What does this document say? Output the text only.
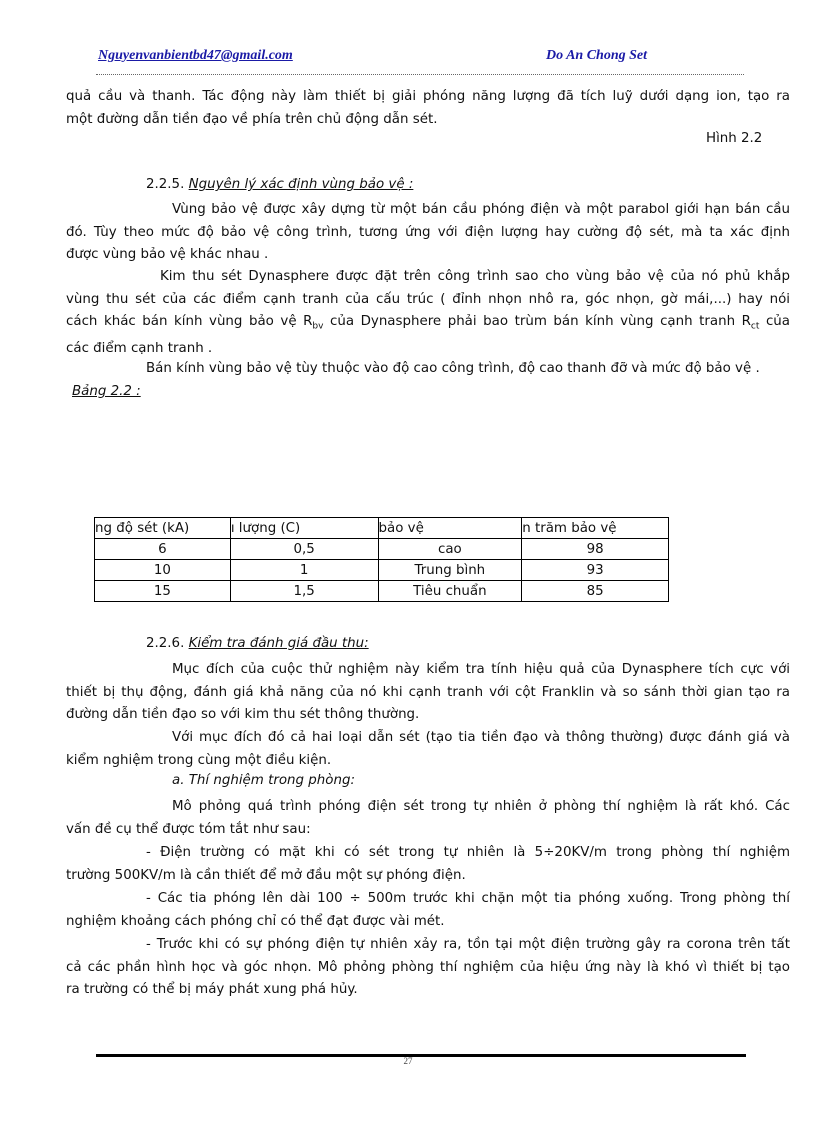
Nguyenvanbientbd47@gmail.com	Do An Chong Set
quả cầu và thanh. Tác động này làm thiết bị giải phóng năng lượng đã tích luỹ dưới dạng ion, tạo ra
một đường dẫn tiền đạo về phía trên chủ động dẫn sét.
Hình 2.2
2.2.5. Nguyên lý xác định vùng bảo vệ :
Vùng bảo vệ được xây dựng từ một bán cầu phóng điện và một parabol giới hạn bán cầu
đó. Tùy theo mức độ bảo vệ công trình, tương ứng với điện lượng hay cường độ sét, mà ta xác định
được vùng bảo vệ khác nhau .
Kim thu sét Dynasphere được đặt trên công trình sao cho vùng bảo vệ của nó phủ khắp
vùng thu sét của các điểm cạnh tranh của cấu trúc ( đỉnh nhọn nhô ra, góc nhọn, gờ mái,...) hay nói
cách khác bán kính vùng bảo vệ $R_{bv}$ của Dynasphere phải bao trùm bán kính vùng cạnh tranh $R_{ct}$ của
các điểm cạnh tranh .
Bán kính vùng bảo vệ tùy thuộc vào độ cao công trình, độ cao thanh đỡ và mức độ bảo vệ .
Bảng 2.2 :
ng độ sét (kA)	ı lượng (C)	bảo vệ	n trăm bảo vệ
6	0,5	cao	98
10	1	Trung bình	93
15	1,5	Tiêu chuẩn	85
2.2.6. Kiểm tra đánh giá đầu thu:
Mục đích của cuộc thử nghiệm này kiểm tra tính hiệu quả của Dynasphere tích cực với
thiết bị thụ động, đánh giá khả năng của nó khi cạnh tranh với cột Franklin và so sánh thời gian tạo ra
đường dẫn tiền đạo so với kim thu sét thông thường.
Với mục đích đó cả hai loại dẫn sét (tạo tia tiền đạo và thông thường) được đánh giá và
kiểm nghiệm trong cùng một điều kiện.
a. Thí nghiệm trong phòng:
Mô phỏng quá trình phóng điện sét trong tự nhiên ở phòng thí nghiệm là rất khó. Các
vấn đề cụ thể được tóm tắt như sau:
- Điện trường có mặt khi có sét trong tự nhiên là 5÷20KV/m trong phòng thí nghiệm
trường 500KV/m là cần thiết để mở đầu một sự phóng điện.
- Các tia phóng lên dài 100 ÷ 500m trước khi chặn một tia phóng xuống. Trong phòng thí
nghiệm khoảng cách phóng chỉ có thể đạt được vài mét.
- Trước khi có sự phóng điện tự nhiên xảy ra, tồn tại một điện trường gây ra corona trên tất
cả các phần hình học và góc nhọn. Mô phỏng phòng thí nghiệm của hiệu ứng này là khó vì thiết bị tạo
ra trường có thể bị máy phát xung phá hủy.
27
